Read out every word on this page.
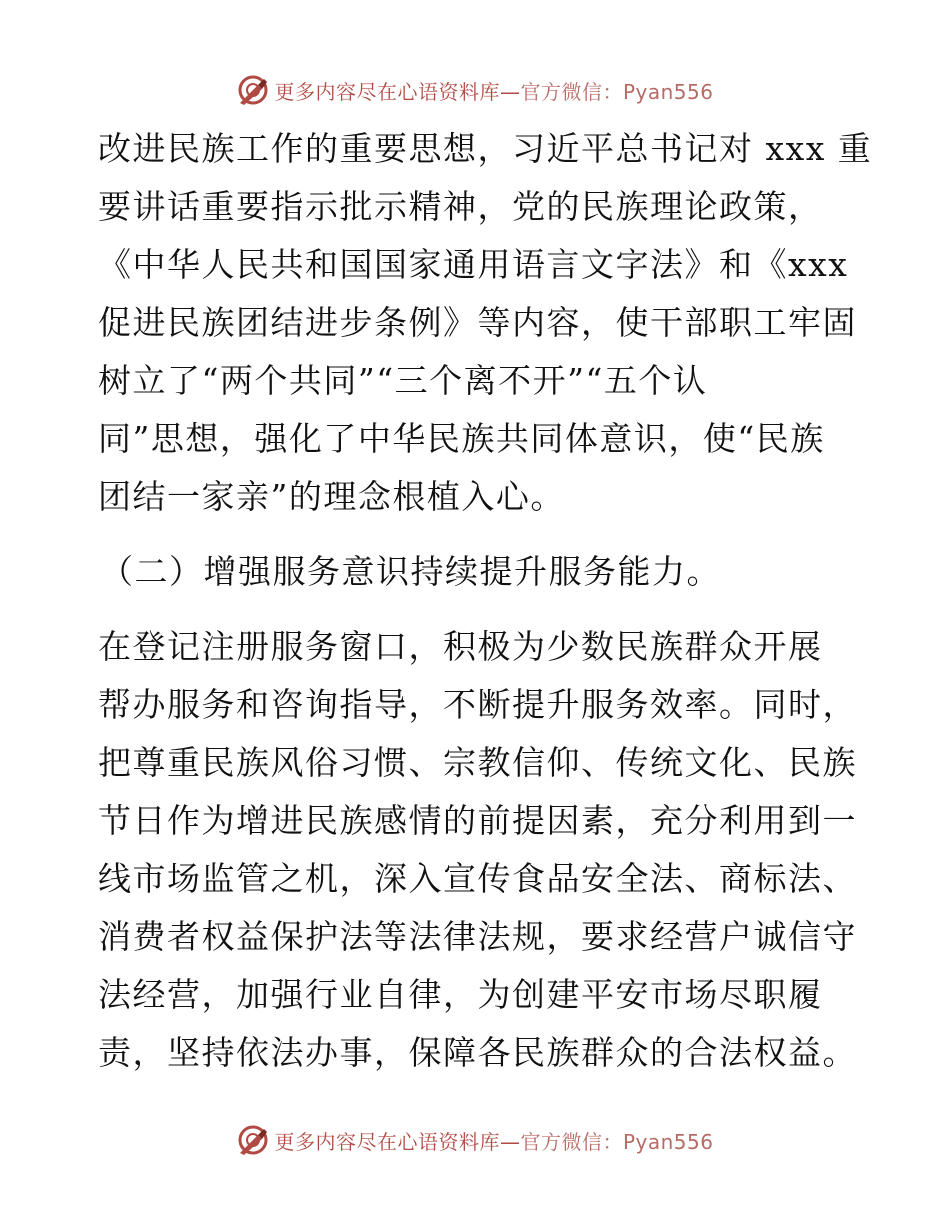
更多内容尽在心语资料库—官方微信：Pyan556
改进民族工作的重要思想，习近平总书记对 xxx 重
要讲话重要指示批示精神，党的民族理论政策，
《中华人民共和国国家通用语言文字法》和《xxx
促进民族团结进步条例》等内容，使干部职工牢固
树立了“两个共同”“三个离不开”“五个认
同”思想，强化了中华民族共同体意识，使“民族
团结一家亲”的理念根植入心。
（二）增强服务意识持续提升服务能力。
在登记注册服务窗口，积极为少数民族群众开展
帮办服务和咨询指导，不断提升服务效率。同时，
把尊重民族风俗习惯、宗教信仰、传统文化、民族
节日作为增进民族感情的前提因素，充分利用到一
线市场监管之机，深入宣传食品安全法、商标法、
消费者权益保护法等法律法规，要求经营户诚信守
法经营，加强行业自律，为创建平安市场尽职履
责，坚持依法办事，保障各民族群众的合法权益。
更多内容尽在心语资料库—官方微信：Pyan556
